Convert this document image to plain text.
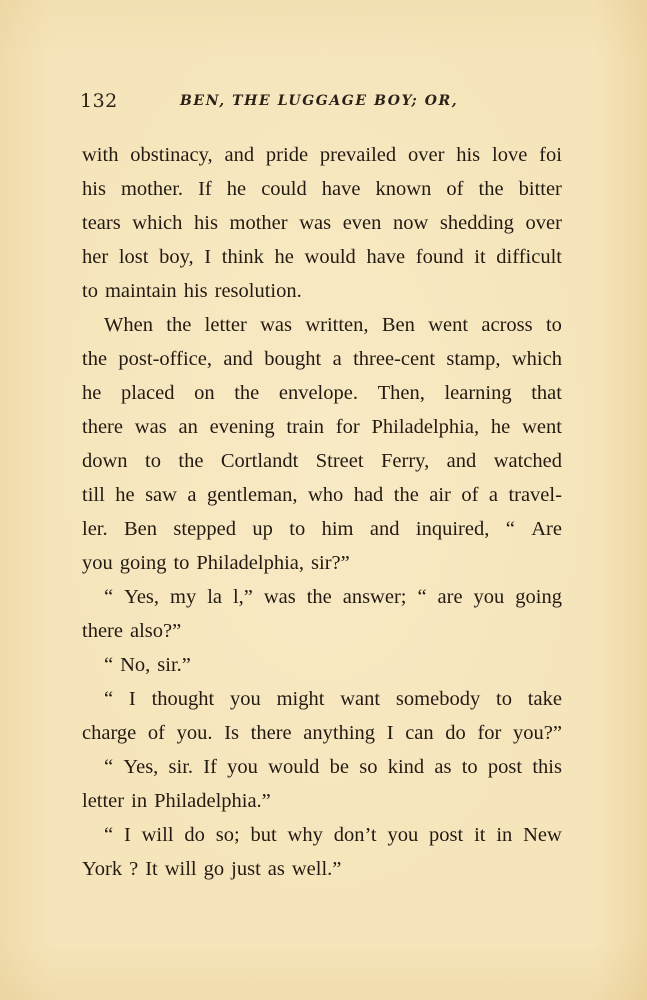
132	BEN, THE LUGGAGE BOY; OR,
with obstinacy, and pride prevailed over his love foi
his mother. If he could have known of the bitter
tears which his mother was even now shedding over
her lost boy, I think he would have found it difficult
to maintain his resolution.
When the letter was written, Ben went across to
the post-office, and bought a three-cent stamp, which
he placed on the envelope. Then, learning that
there was an evening train for Philadelphia, he went
down to the Cortlandt Street Ferry, and watched
till he saw a gentleman, who had the air of a travel-
ler. Ben stepped up to him and inquired, “ Are
you going to Philadelphia, sir?”
“ Yes, my la l,” was the answer; “ are you going
there also?”
“ No, sir.”
“ I thought you might want somebody to take
charge of you. Is there anything I can do for you?”
“ Yes, sir. If you would be so kind as to post this
letter in Philadelphia.”
“ I will do so; but why don’t you post it in New
York ? It will go just as well.”
